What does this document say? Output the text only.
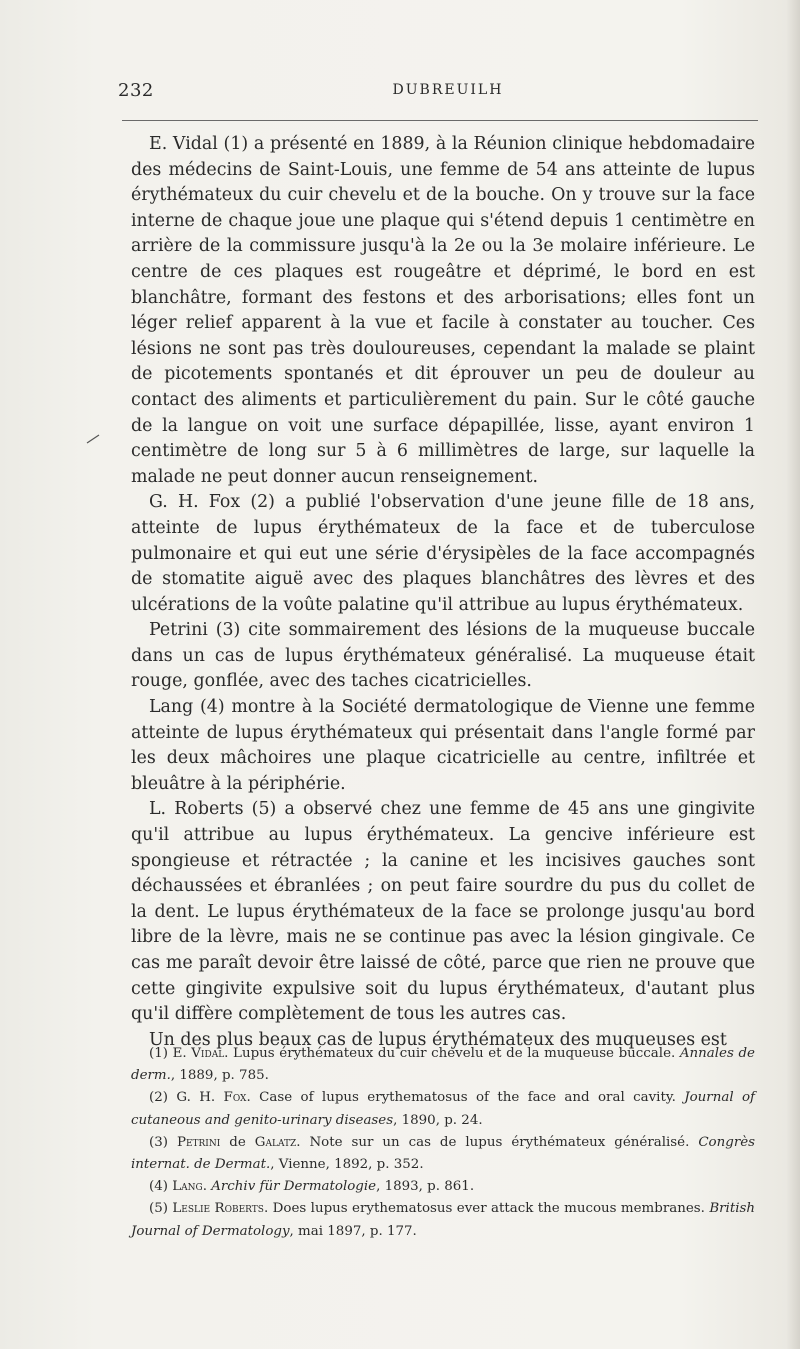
232	DUBREUILH

E. Vidal (1) a présenté en 1889, à la Réunion clinique hebdomadaire des médecins de Saint-Louis, une femme de 54 ans atteinte de lupus érythémateux du cuir chevelu et de la bouche. On y trouve sur la face interne de chaque joue une plaque qui s'étend depuis 1 centimètre en arrière de la commissure jusqu'à la 2e ou la 3e molaire inférieure. Le centre de ces plaques est rougeâtre et déprimé, le bord en est blanchâtre, formant des festons et des arborisations; elles font un léger relief apparent à la vue et facile à constater au toucher. Ces lésions ne sont pas très douloureuses, cependant la malade se plaint de picotements spontanés et dit éprouver un peu de douleur au contact des aliments et particulièrement du pain. Sur le côté gauche de la langue on voit une surface dépapillée, lisse, ayant environ 1 centimètre de long sur 5 à 6 millimètres de large, sur laquelle la malade ne peut donner aucun renseignement.

G. H. Fox (2) a publié l'observation d'une jeune fille de 18 ans, atteinte de lupus érythémateux de la face et de tuberculose pulmonaire et qui eut une série d'érysipèles de la face accompagnés de stomatite aiguë avec des plaques blanchâtres des lèvres et des ulcérations de la voûte palatine qu'il attribue au lupus érythémateux.

Petrini (3) cite sommairement des lésions de la muqueuse buccale dans un cas de lupus érythémateux généralisé. La muqueuse était rouge, gonflée, avec des taches cicatricielles.

Lang (4) montre à la Société dermatologique de Vienne une femme atteinte de lupus érythémateux qui présentait dans l'angle formé par les deux mâchoires une plaque cicatricielle au centre, infiltrée et bleuâtre à la périphérie.

L. Roberts (5) a observé chez une femme de 45 ans une gingivite qu'il attribue au lupus érythémateux. La gencive inférieure est spongieuse et rétractée ; la canine et les incisives gauches sont déchaussées et ébranlées ; on peut faire sourdre du pus du collet de la dent. Le lupus érythémateux de la face se prolonge jusqu'au bord libre de la lèvre, mais ne se continue pas avec la lésion gingivale. Ce cas me paraît devoir être laissé de côté, parce que rien ne prouve que cette gingivite expulsive soit du lupus érythémateux, d'autant plus qu'il diffère complètement de tous les autres cas.

Un des plus beaux cas de lupus érythémateux des muqueuses est

(1) E. Vidal. Lupus érythémateux du cuir chevelu et de la muqueuse buccale. Annales de derm., 1889, p. 785.

(2) G. H. Fox. Case of lupus erythematosus of the face and oral cavity. Journal of cutaneous and genito-urinary diseases, 1890, p. 24.

(3) Petrini de Galatz. Note sur un cas de lupus érythémateux généralisé. Congrès internat. de Dermat., Vienne, 1892, p. 352.

(4) Lang. Archiv für Dermatologie, 1893, p. 861.

(5) Leslie Roberts. Does lupus erythematosus ever attack the mucous membranes. British Journal of Dermatology, mai 1897, p. 177.
